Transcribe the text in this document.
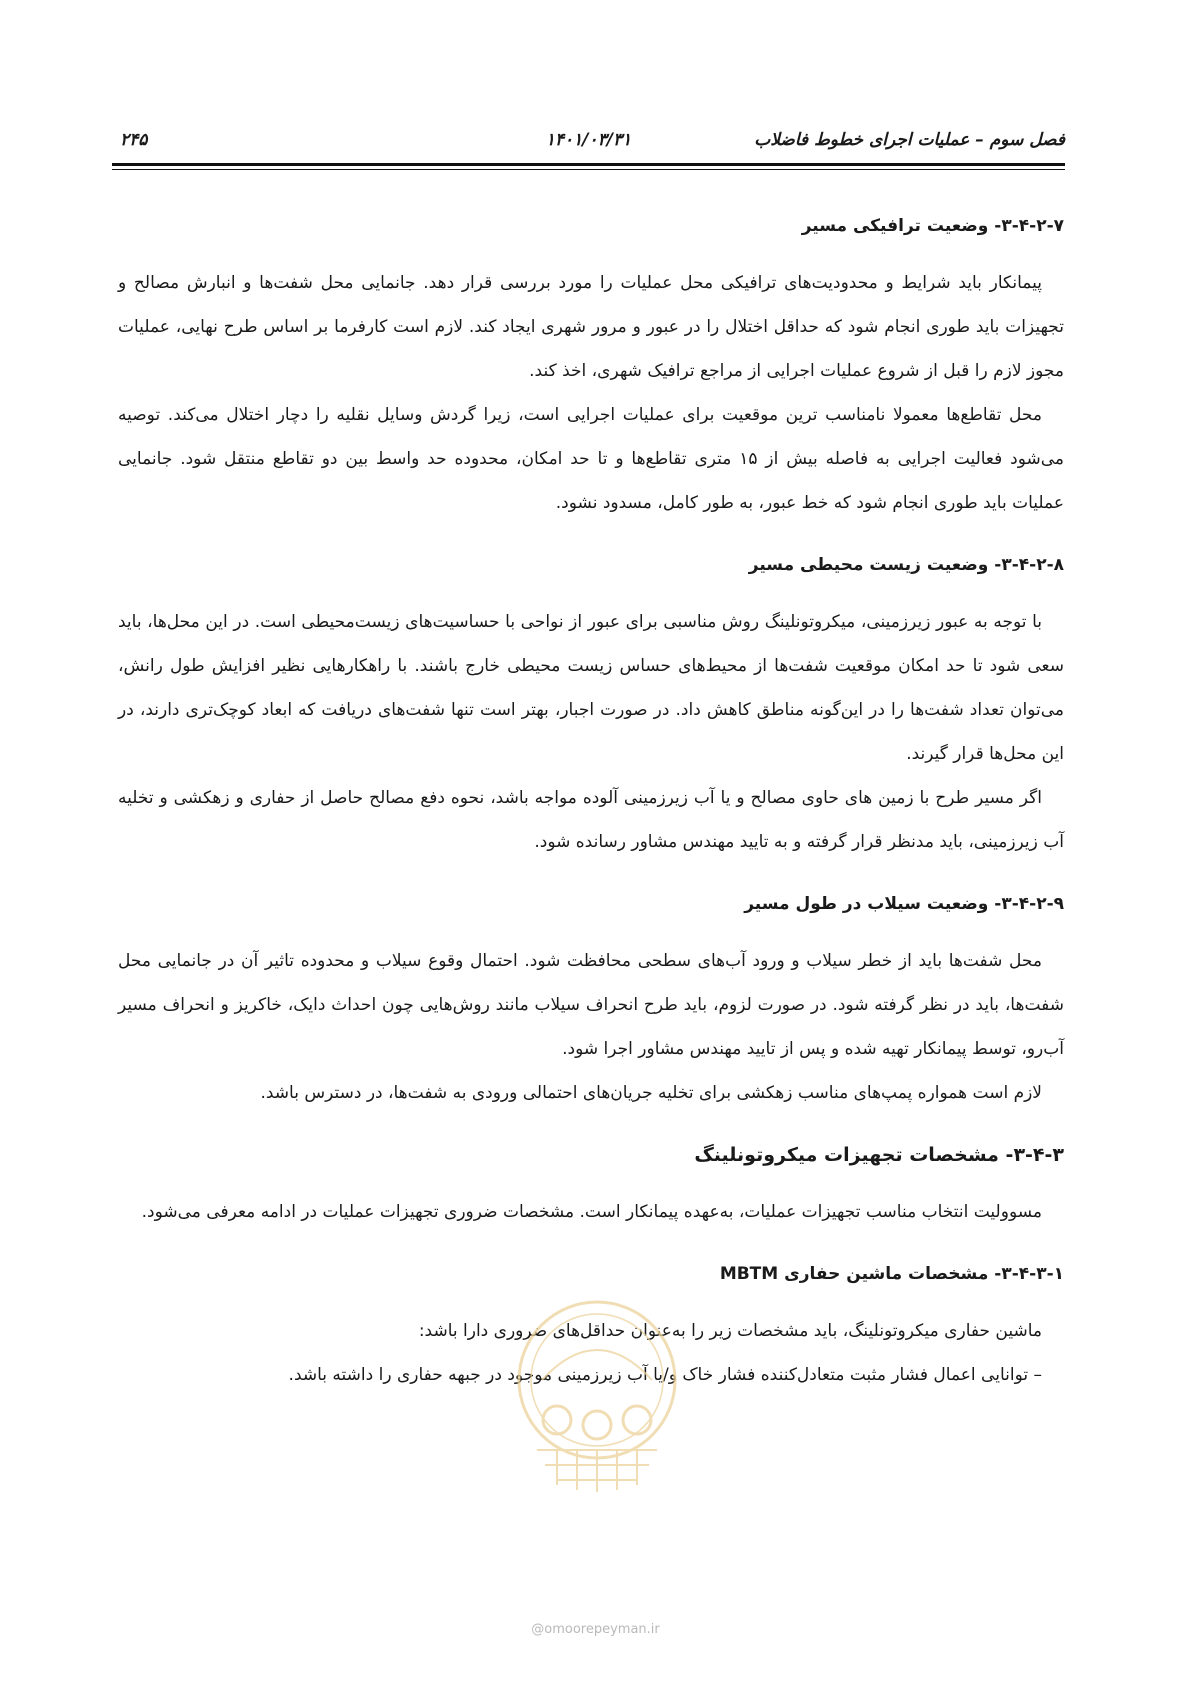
فصل سوم – عملیات اجرای خطوط فاضلاب
۱۴۰۱/۰۳/۳۱
۲۴۵
۳-۴-۲-۷- وضعیت ترافیکی مسیر

پیمانکار باید شرایط و محدودیت‌های ترافیکی محل عملیات را مورد بررسی قرار دهد. جانمایی محل شفت‌ها و انبارش مصالح و تجهیزات باید طوری انجام شود که حداقل اختلال را در عبور و مرور شهری ایجاد کند. لازم است کارفرما بر اساس طرح نهایی، عملیات مجوز لازم را قبل از شروع عملیات اجرایی از مراجع ترافیک شهری، اخذ کند.

محل تقاطع‌ها معمولا نامناسب ترین موقعیت برای عملیات اجرایی است، زیرا گردش وسایل نقلیه را دچار اختلال می‌کند. توصیه می‌شود فعالیت اجرایی به فاصله بیش از ۱۵ متری تقاطع‌ها و تا حد امکان، محدوده حد واسط بین دو تقاطع منتقل شود. جانمایی عملیات باید طوری انجام شود که خط عبور، به طور کامل، مسدود نشود.

۳-۴-۲-۸- وضعیت زیست محیطی مسیر

با توجه به عبور زیرزمینی، میکروتونلینگ روش مناسبی برای عبور از نواحی با حساسیت‌های زیست‌محیطی است. در این محل‌ها، باید سعی شود تا حد امکان موقعیت شفت‌ها از محیط‌های حساس زیست محیطی خارج باشند. با راهکارهایی نظیر افزایش طول رانش، می‌توان تعداد شفت‌ها را در این‌گونه مناطق کاهش داد. در صورت اجبار، بهتر است تنها شفت‌های دریافت که ابعاد کوچک‌تری دارند، در این محل‌ها قرار گیرند.

اگر مسیر طرح با زمین های حاوی مصالح و یا آب زیرزمینی آلوده مواجه باشد، نحوه دفع مصالح حاصل از حفاری و زهکشی و تخلیه آب زیرزمینی، باید مدنظر قرار گرفته و به تایید مهندس مشاور رسانده شود.

۳-۴-۲-۹- وضعیت سیلاب در طول مسیر

محل شفت‌ها باید از خطر سیلاب و ورود آب‌های سطحی محافظت شود. احتمال وقوع سیلاب و محدوده تاثیر آن در جانمایی محل شفت‌ها، باید در نظر گرفته شود. در صورت لزوم، باید طرح انحراف سیلاب مانند روش‌هایی چون احداث دایک، خاکریز و انحراف مسیر آب‌رو، توسط پیمانکار تهیه شده و پس از تایید مهندس مشاور اجرا شود.

لازم است همواره پمپ‌های مناسب زهکشی برای تخلیه جریان‌های احتمالی ورودی به شفت‌ها، در دسترس باشد.

۳-۴-۳- مشخصات تجهیزات میکروتونلینگ

مسوولیت انتخاب مناسب تجهیزات عملیات، به‌عهده پیمانکار است. مشخصات ضروری تجهیزات عملیات در ادامه معرفی می‌شود.

۳-۴-۳-۱- مشخصات ماشین حفاری MBTM

ماشین حفاری میکروتونلینگ، باید مشخصات زیر را به‌عنوان حداقل‌های ضروری دارا باشد:

– توانایی اعمال فشار مثبت متعادل‌کننده فشار خاک و/یا آب زیرزمینی موجود در جبهه حفاری را داشته باشد.

@omoorepeyman.ir
